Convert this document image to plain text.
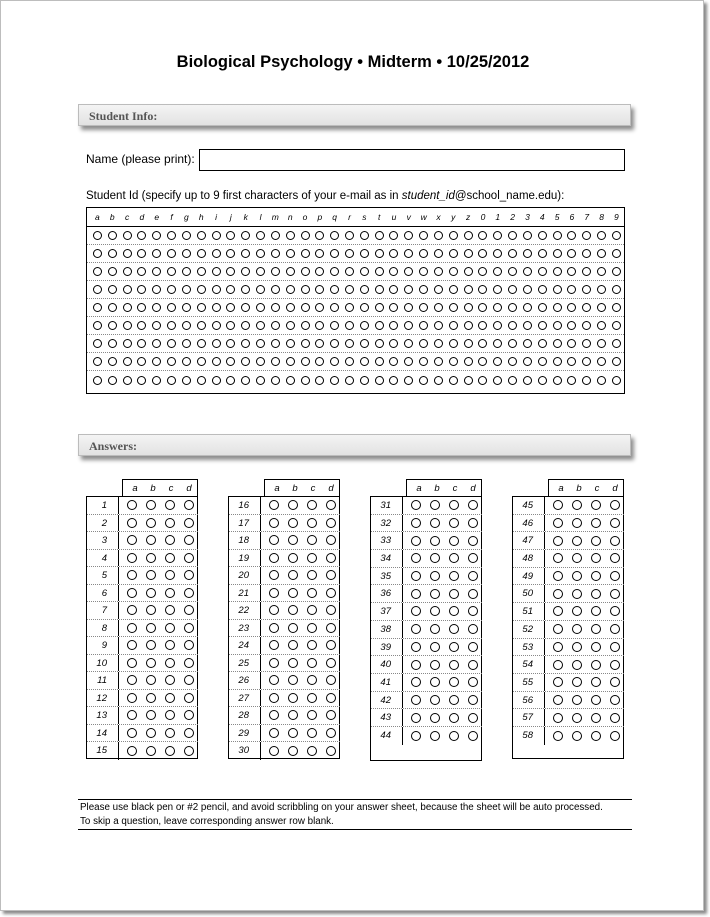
Biological Psychology • Midterm • 10/25/2012
Student Info:
Name (please print):
Student Id (specify up to 9 first characters of your e-mail as in student_id@school_name.edu):
a	b	c	d	e	f	g	h	i	j	k	l	m	n	o	p	q	r	s	t	u	v	w	x	y	z	0	1	2	3	4	5	6	7	8	9
Answers:
a	b	c	d
1
2
3
4
5
6
7
8
9
10
11
12
13
14
15
a	b	c	d
16
17
18
19
20
21
22
23
24
25
26
27
28
29
30
a	b	c	d
31
32
33
34
35
36
37
38
39
40
41
42
43
44
a	b	c	d
45
46
47
48
49
50
51
52
53
54
55
56
57
58
Please use black pen or #2 pencil, and avoid scribbling on your answer sheet, because the sheet will be auto processed.
To skip a question, leave corresponding answer row blank.
